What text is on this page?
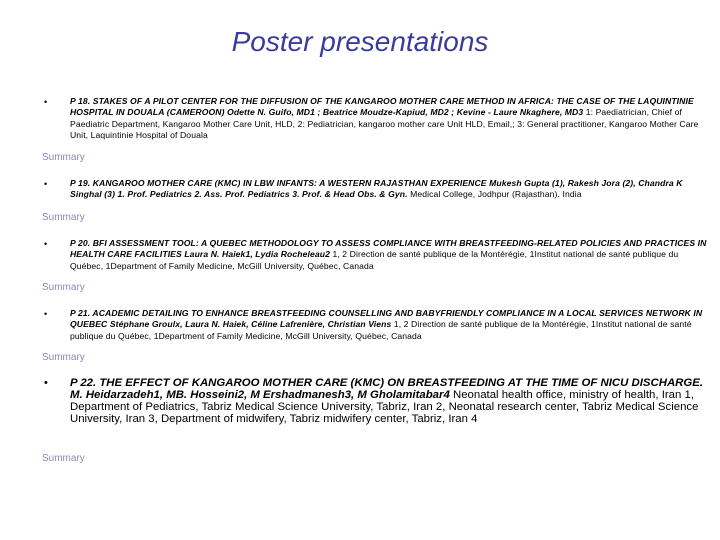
Poster presentations
•	P 18. STAKES OF A PILOT CENTER FOR THE DIFFUSION OF THE KANGAROO MOTHER CARE METHOD IN AFRICA: THE CASE OF THE LAQUINTINIE HOSPITAL IN DOUALA (CAMEROON) Odette N. Guifo, MD1 ; Beatrice Moudze-Kapiud, MD2 ; Kevine - Laure Nkaghere, MD3 1: Paediatrician, Chief of Paediatric Department, Kangaroo Mother Care Unit, HLD, 2: Pediatrician, kangaroo mother care Unit HLD, Email,; 3: General practitioner, Kangaroo Mother Care Unit, Laquintinie Hospital of Douala
Summary
•	P 19. KANGAROO MOTHER CARE (KMC) IN LBW INFANTS: A WESTERN RAJASTHAN EXPERIENCE Mukesh Gupta (1), Rakesh Jora (2), Chandra K Singhal (3) 1. Prof. Pediatrics 2. Ass. Prof. Pediatrics 3. Prof. & Head Obs. & Gyn. Medical College, Jodhpur (Rajasthan). India
Summary
•	P 20. BFI ASSESSMENT TOOL: A QUEBEC METHODOLOGY TO ASSESS COMPLIANCE WITH BREASTFEEDING-RELATED POLICIES AND PRACTICES IN HEALTH CARE FACILITIES Laura N. Haiek1, Lydia Rocheleau2 1, 2 Direction de santé publique de la Montérégie, 1Institut national de santé publique du Québec, 1Department of Family Medicine, McGill University, Québec, Canada
Summary
•	P 21. ACADEMIC DETAILING TO ENHANCE BREASTFEEDING COUNSELLING AND BABYFRIENDLY COMPLIANCE IN A LOCAL SERVICES NETWORK IN QUEBEC Stéphane Groulx, Laura N. Haiek, Céline Lafrenière, Christian Viens 1, 2 Direction de santé publique de la Montérégie, 1Institut national de santé publique du Québec, 1Department of Family Medicine, McGill University, Québec, Canada
Summary
• P 22. THE EFFECT OF KANGAROO MOTHER CARE (KMC) ON BREASTFEEDING AT THE TIME OF NICU DISCHARGE. M. Heidarzadeh1, MB. Hosseini2, M Ershadmanesh3, M Gholamitabar4 Neonatal health office, ministry of health, Iran 1, Department of Pediatrics, Tabriz Medical Science University, Tabriz, Iran 2, Neonatal research center, Tabriz Medical Science University, Iran 3, Department of midwifery, Tabriz midwifery center, Tabriz, Iran 4
Summary
